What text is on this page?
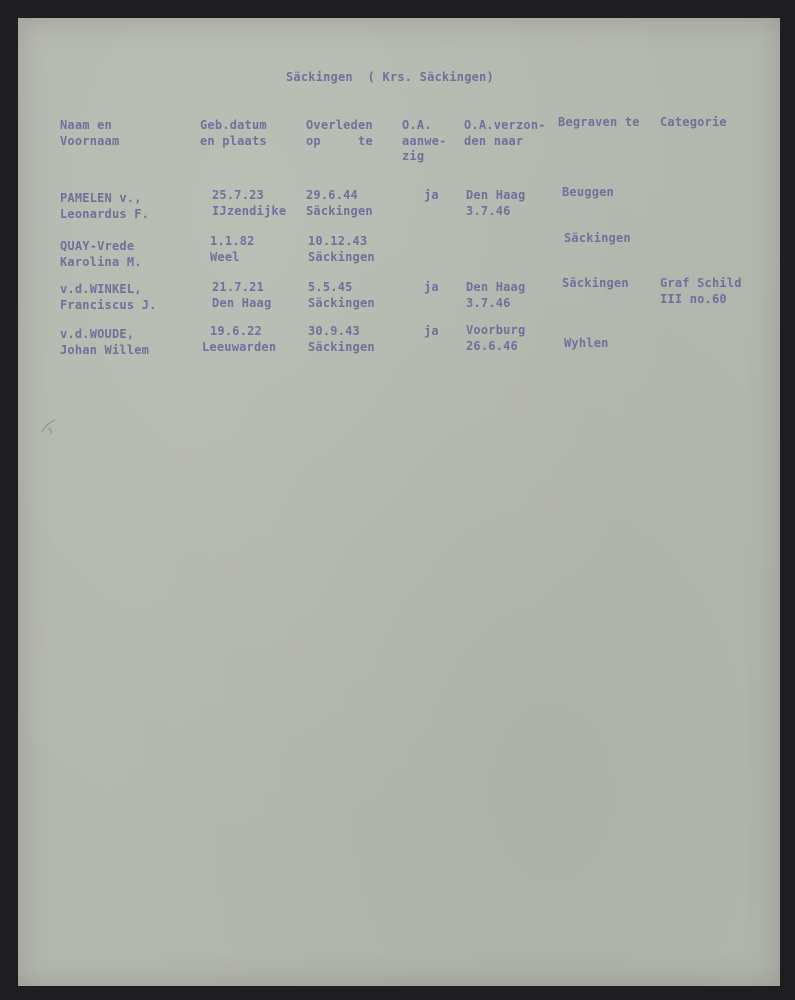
Säckingen  ( Krs. Säckingen)
Naam en
Voornaam
Geb.datum
en plaats
Overleden
op     te
O.A.
aanwe-
zig
O.A.verzon-
den naar
Begraven te Categorie
PAMELEN v.,
Leonardus F.
25.7.23
IJzendijke
29.6.44
Säckingen
ja Den Haag
3.7.46
Beuggen
QUAY-Vrede
Karolina M.
1.1.82
Weel
10.12.43
Säckingen
Säckingen
v.d.WINKEL,
Franciscus J.
21.7.21
Den Haag
5.5.45
Säckingen
ja Den Haag
3.7.46
Säckingen	Graf Schild
III no.60
v.d.WOUDE,
Johan Willem
19.6.22
Leeuwarden
30.9.43
Säckingen
ja Voorburg
26.6.46	Wyhlen
